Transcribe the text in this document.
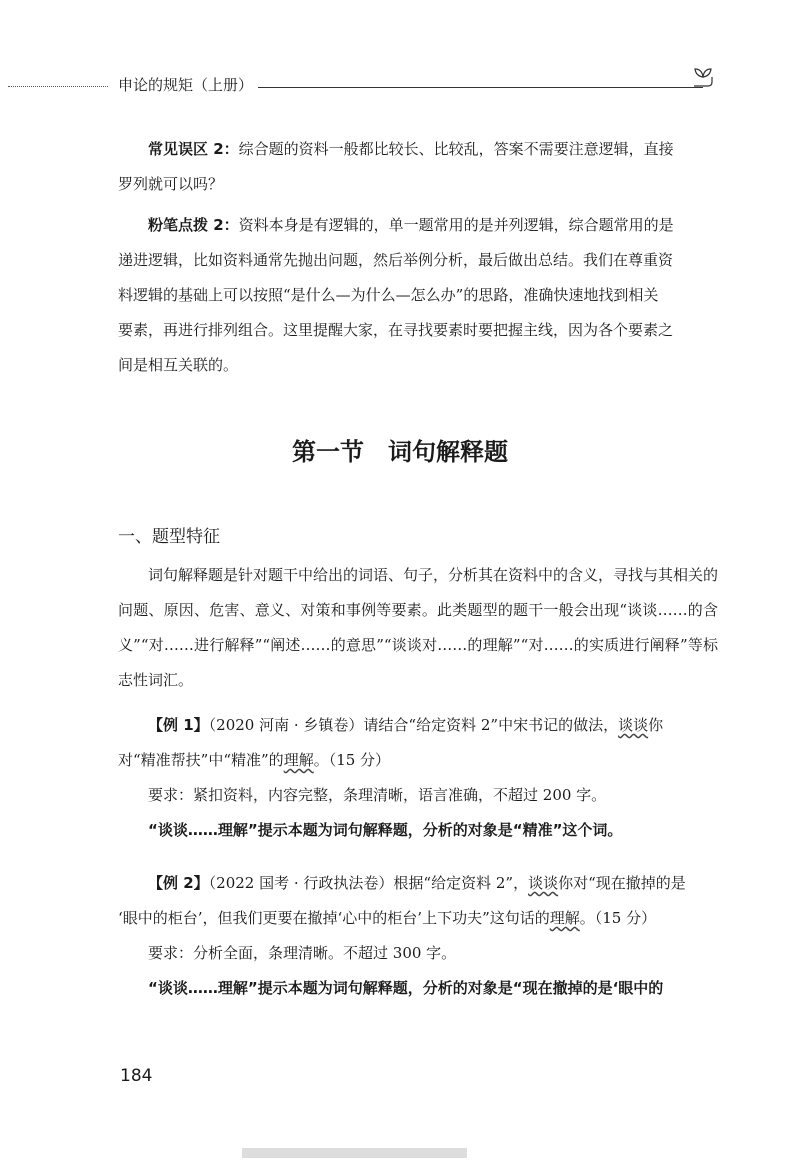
申论的规矩（上册）
常见误区 2：综合题的资料一般都比较长、比较乱，答案不需要注意逻辑，直接
罗列就可以吗？
粉笔点拨 2：资料本身是有逻辑的，单一题常用的是并列逻辑，综合题常用的是
递进逻辑，比如资料通常先抛出问题，然后举例分析，最后做出总结。我们在尊重资
料逻辑的基础上可以按照“是什么—为什么—怎么办”的思路，准确快速地找到相关
要素，再进行排列组合。这里提醒大家，在寻找要素时要把握主线，因为各个要素之
间是相互关联的。
第一节　词句解释题
一、题型特征

词句解释题是针对题干中给出的词语、句子，分析其在资料中的含义，寻找与其相关的问题、原因、危害、意义、对策和事例等要素。此类题型的题干一般会出现“谈谈……的含义”“对……进行解释”“阐述……的意思”“谈谈对……的理解”“对……的实质进行阐释”等标志性词汇。

【例 1】（2020 河南 · 乡镇卷）请结合“给定资料 2”中宋书记的做法，谈谈你
对“精准帮扶”中“精准”的理解。（15 分）
要求：紧扣资料，内容完整，条理清晰，语言准确，不超过 200 字。
“谈谈……理解”提示本题为词句解释题，分析的对象是“精准”这个词。
【例 2】（2022 国考 · 行政执法卷）根据“给定资料 2”，谈谈你对“现在撤掉的是
‘眼中的柜台’，但我们更要在撤掉‘心中的柜台’上下功夫”这句话的理解。（15 分）
要求：分析全面，条理清晰。不超过 300 字。
“谈谈……理解”提示本题为词句解释题，分析的对象是“现在撤掉的是‘眼中的
184
